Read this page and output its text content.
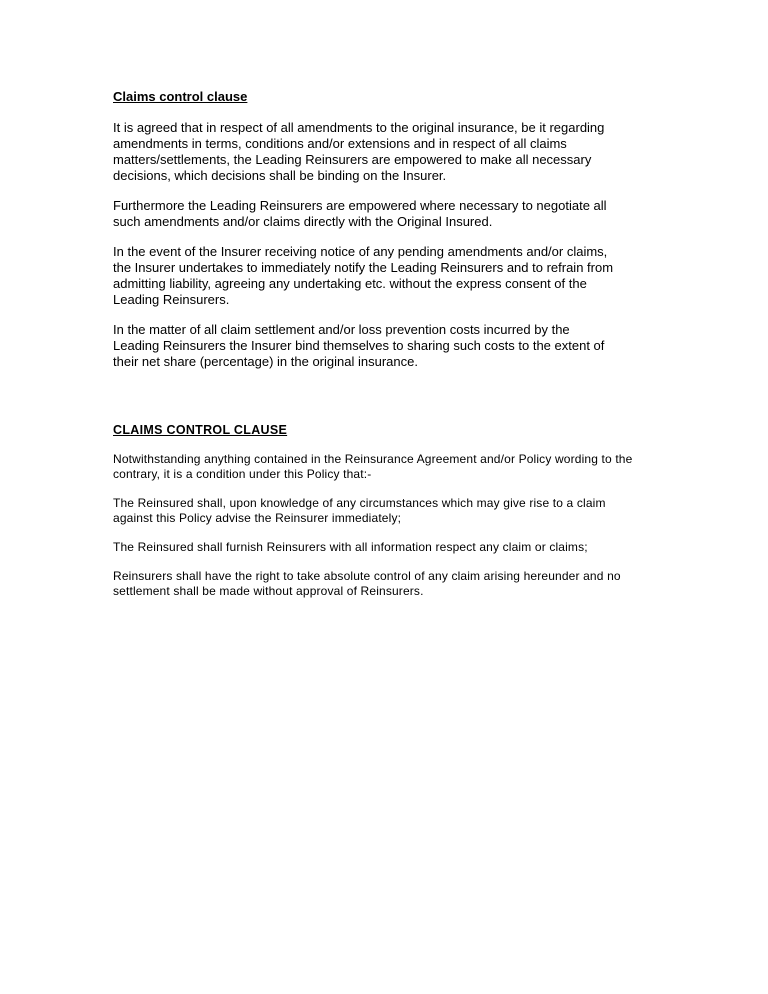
Claims control clause

It is agreed that in respect of all amendments to the original insurance, be it regarding
amendments in terms, conditions and/or extensions and in respect of all claims
matters/settlements, the Leading Reinsurers are empowered to make all necessary
decisions, which decisions shall be binding on the Insurer.

Furthermore the Leading Reinsurers are empowered where necessary to negotiate all
such amendments and/or claims directly with the Original Insured.

In the event of the Insurer receiving notice of any pending amendments and/or claims,
the Insurer undertakes to immediately notify the Leading Reinsurers and to refrain from
admitting liability, agreeing any undertaking etc. without the express consent of the
Leading Reinsurers.

In the matter of all claim settlement and/or loss prevention costs incurred by the
Leading Reinsurers the Insurer bind themselves to sharing such costs to the extent of
their net share (percentage) in the original insurance.

CLAIMS CONTROL CLAUSE

Notwithstanding anything contained in the Reinsurance Agreement and/or Policy wording to the
contrary, it is a condition under this Policy that:-

The Reinsured shall, upon knowledge of any circumstances which may give rise to a claim
against this Policy advise the Reinsurer immediately;

The Reinsured shall furnish Reinsurers with all information respect any claim or claims;

Reinsurers shall have the right to take absolute control of any claim arising hereunder and no
settlement shall be made without approval of Reinsurers.
